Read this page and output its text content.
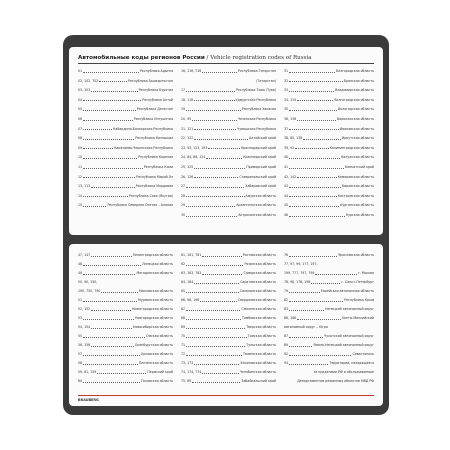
Автомобильные коды регионов России / Vehicle registration codes of Russia
01	Республика Адыгея
02, 102, 702	Республика Башкортостан
03, 103	Республика Бурятия
04	Республика Алтай
05	Республика Дагестан
06	Республика Ингушетия
07	Кабардино-Балкарская Республика
08	Республика Калмыкия
09	Карачаево-Черкесская Республика
10	Республика Карелия
11	Республика Коми
12	Республика Марий Эл
13, 113	Республика Мордовия
14	Республика Саха (Якутия)
15	Республика Северная Осетия – Алания
16, 116, 716	Республика Татарстан
(Татарстан)
17	Республика Тыва (Тува)
18, 118	Удмуртская Республика
19	Республика Хакасия
20, 95	Чеченская Республика
21, 121	Чувашская Республика
22, 122	Алтайский край
23, 93, 123, 193	Краснодарский край
24, 84, 88, 124	Красноярский край
25, 125	Приморский край
26, 126	Ставропольский край
27	Хабаровский край
28	Амурская область
29	Архангельская область
30	Астраханская область
31	Белгородская область
32	Брянская область
33	Владимирская область
34, 134	Волгоградская область
35	Вологодская область
36, 136	Воронежская область
37	Ивановская область
38, 85, 138	Иркутская область
39, 91	Калининградская область
40	Калужская область
41	Камчатский край
42, 142	Кемеровская область
43	Кировская область
44	Костромская область
45	Курганская область
46	Курская область
47, 147	Ленинградская область
48	Липецкая область
49	Магаданская область
50, 90, 150,
190, 750, 790	Московская область
51	Мурманская область
52, 152	Нижегородская область
53	Новгородская область
54, 154	Новосибирская область
55	Омская область
56, 156	Оренбургская область
57	Орловская область
58	Пензенская область
59, 81, 159	Пермский край
60	Псковская область
61, 161, 761	Ростовская область
62	Рязанская область
63, 163, 763	Самарская область
64, 164	Саратовская область
65	Сахалинская область
66, 96, 196	Свердловская область
67	Смоленская область
68	Тамбовская область
69	Тверская область
70	Томская область
71	Тульская область
72	Тюменская область
73, 173	Ульяновская область
74, 174, 774	Челябинская область
75, 80	Забайкальский край
76	Ярославская область
77, 97, 99, 177, 197,
199, 777, 797, 799	г. Москва
78, 98, 178, 198	г. Санкт-Петербург
79	Еврейская автономная область
82	Республика Крым
83	Ненецкий автономный округ
86, 186	Ханты-Мансийский
автономный округ – Югра
87	Чукотский автономный округ
89	Ямало-Ненецкий автономный округ
92	Севастополь
94	Территории, находящиеся
за пределами РФ и обслуживаемые
Департаментом режимных объектов МВД РФ
BRAUBERG
